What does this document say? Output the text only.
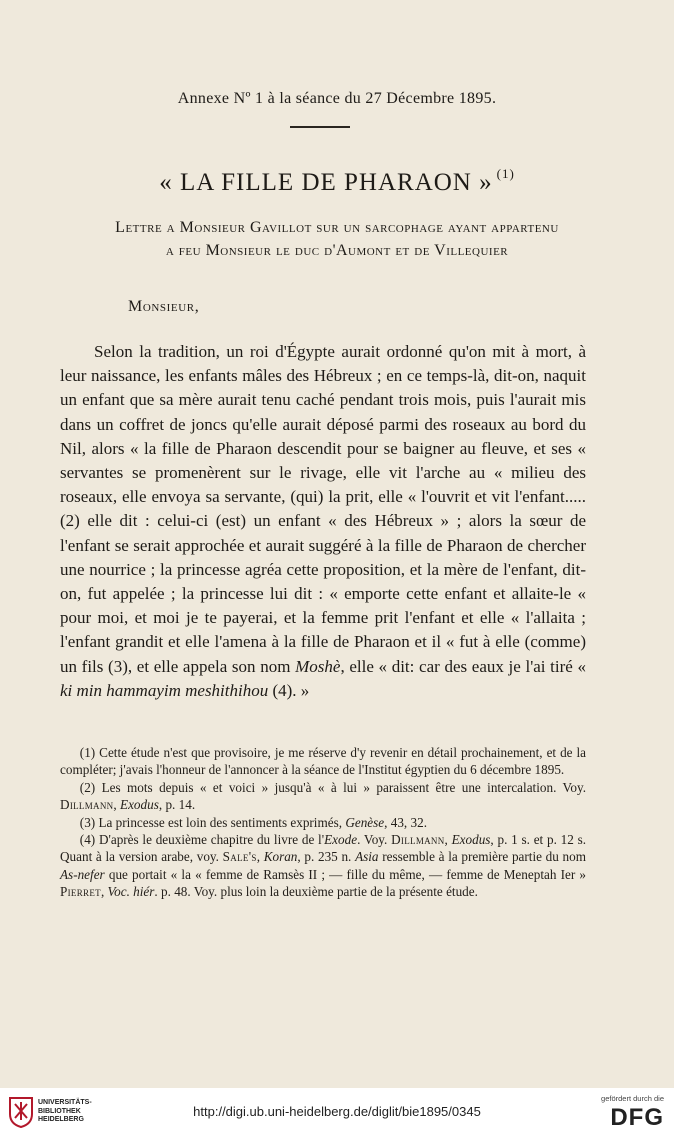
Annexe Nº 1 à la séance du 27 Décembre 1895.
« LA FILLE DE PHARAON » $^{(1)}$
Lettre a Monsieur Gavillot sur un sarcophage ayant appartenu
a feu Monsieur le duc d'Aumont et de Villequier
Monsieur,
Selon la tradition, un roi d'Égypte aurait ordonné qu'on mit à mort, à leur naissance, les enfants mâles des Hébreux ; en ce temps-là, dit-on, naquit un enfant que sa mère aurait tenu caché pendant trois mois, puis l'aurait mis dans un coffret de joncs qu'elle aurait déposé parmi des roseaux au bord du Nil, alors « la fille de Pharaon descendit pour se baigner au fleuve, et ses « servantes se promenèrent sur le rivage, elle vit l'arche au « milieu des roseaux, elle envoya sa servante, (qui) la prit, elle « l'ouvrit et vit l'enfant..... (2) elle dit : celui-ci (est) un enfant « des Hébreux » ; alors la sœur de l'enfant se serait approchée et aurait suggéré à la fille de Pharaon de chercher une nourrice ; la princesse agréa cette proposition, et la mère de l'enfant, dit-on, fut appelée ; la princesse lui dit : « emporte cette enfant et allaite-le « pour moi, et moi je te payerai, et la femme prit l'enfant et elle « l'allaita ; l'enfant grandit et elle l'amena à la fille de Pharaon et il « fut à elle (comme) un fils (3), et elle appela son nom Moshè, elle « dit: car des eaux je l'ai tiré « ki min hammayim meshithihou (4). »

(1) Cette étude n'est que provisoire, je me réserve d'y revenir en détail prochainement, et de la compléter; j'avais l'honneur de l'annoncer à la séance de l'Institut égyptien du 6 décembre 1895.

(2) Les mots depuis « et voici » jusqu'à « à lui » paraissent être une intercalation. Voy. Dillmann, Exodus, p. 14.

(3) La princesse est loin des sentiments exprimés, Genèse, 43, 32.

(4) D'après le deuxième chapitre du livre de l'Exode. Voy. Dillmann, Exodus, p. 1 s. et p. 12 s. Quant à la version arabe, voy. Sale's, Koran, p. 235 n. Asia ressemble à la première partie du nom As-nefer que portait « la « femme de Ramsès II ; — fille du même, — femme de Meneptah Ier » Pierret, Voc. hiér. p. 48. Voy. plus loin la deuxième partie de la présente étude.

UNIVERSITÄTS-
BIBLIOTHEK
HEIDELBERG
http://digi.ub.uni-heidelberg.de/diglit/bie1895/0345
gefördert durch die
DFG
